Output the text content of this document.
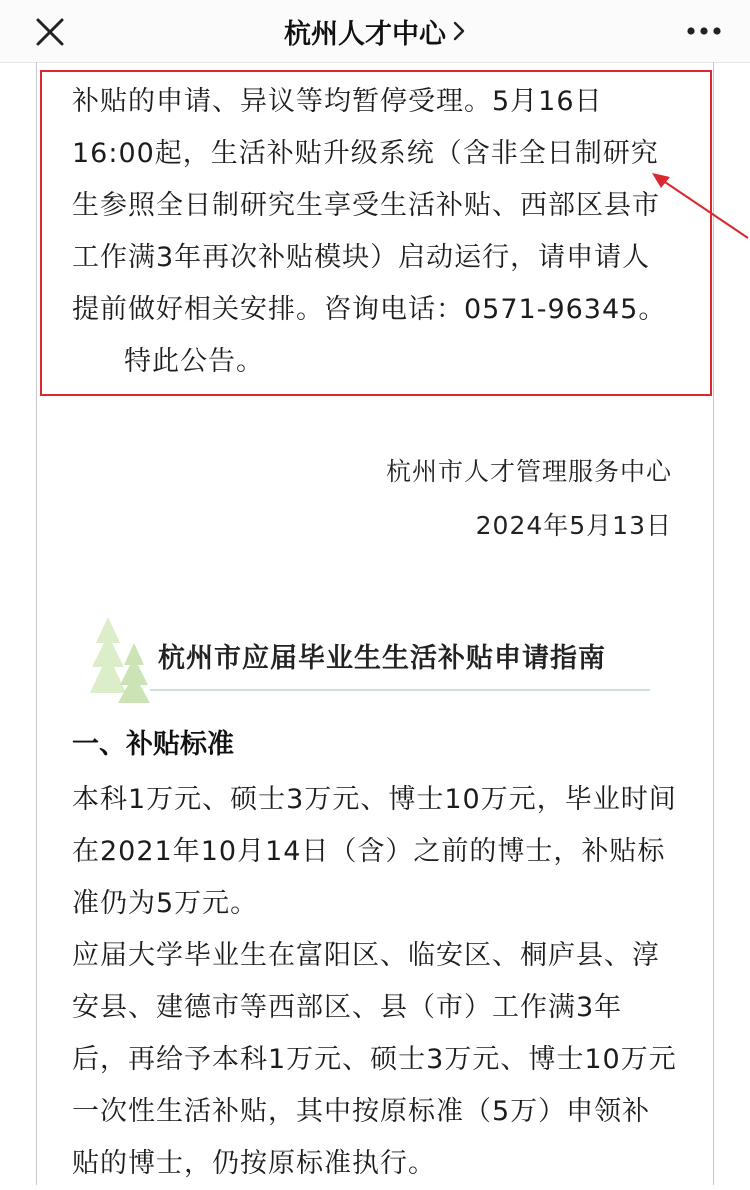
杭州人才中心
补贴的申请、异议等均暂停受理。5月16日
16:00起，生活补贴升级系统（含非全日制研究
生参照全日制研究生享受生活补贴、西部区县市
工作满3年再次补贴模块）启动运行，请申请人
提前做好相关安排。咨询电话：0571-96345。
特此公告。
杭州市人才管理服务中心
2024年5月13日
杭州市应届毕业生生活补贴申请指南
一、补贴标准
本科1万元、硕士3万元、博士10万元，毕业时间
在2021年10月14日（含）之前的博士，补贴标
准仍为5万元。
应届大学毕业生在富阳区、临安区、桐庐县、淳
安县、建德市等西部区、县（市）工作满3年
后，再给予本科1万元、硕士3万元、博士10万元
一次性生活补贴，其中按原标准（5万）申领补
贴的博士，仍按原标准执行。
